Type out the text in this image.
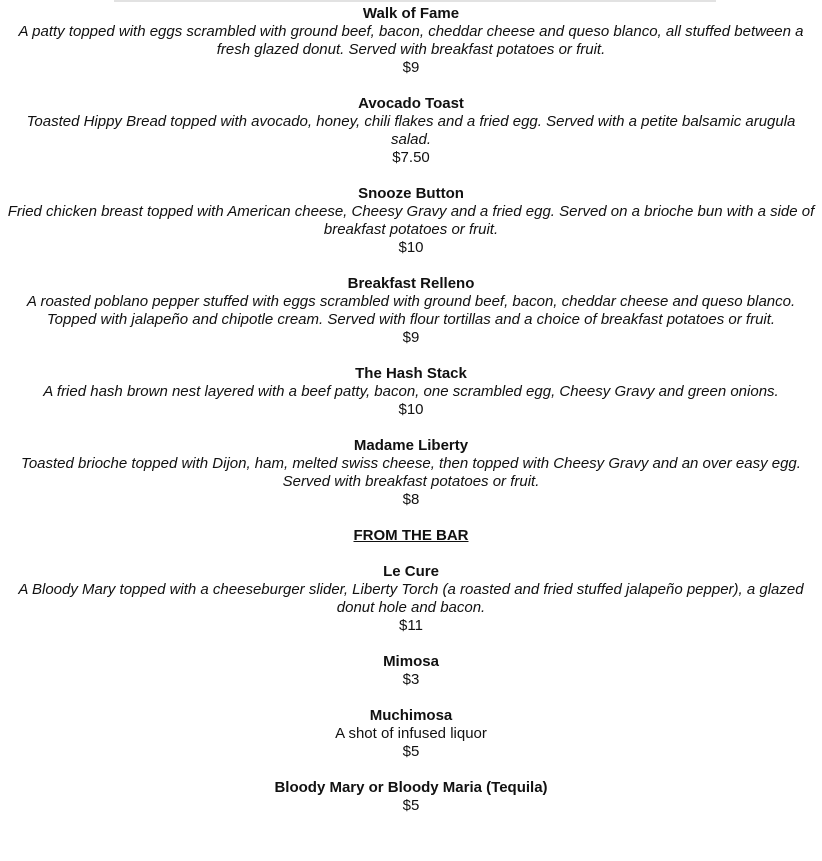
Walk of Fame
A patty topped with eggs scrambled with ground beef, bacon, cheddar cheese and queso blanco, all stuffed between a fresh glazed donut. Served with breakfast potatoes or fruit.
$9
Avocado Toast
Toasted Hippy Bread topped with avocado, honey, chili flakes and a fried egg. Served with a petite balsamic arugula salad.
$7.50
Snooze Button
Fried chicken breast topped with American cheese, Cheesy Gravy and a fried egg. Served on a brioche bun with a side of breakfast potatoes or fruit.
$10
Breakfast Relleno
A roasted poblano pepper stuffed with eggs scrambled with ground beef, bacon, cheddar cheese and queso blanco. Topped with jalapeño and chipotle cream. Served with flour tortillas and a choice of breakfast potatoes or fruit.
$9
The Hash Stack
A fried hash brown nest layered with a beef patty, bacon, one scrambled egg, Cheesy Gravy and green onions.
$10
Madame Liberty
Toasted brioche topped with Dijon, ham, melted swiss cheese, then topped with Cheesy Gravy and an over easy egg. Served with breakfast potatoes or fruit.
$8
FROM THE BAR
Le Cure
A Bloody Mary topped with a cheeseburger slider, Liberty Torch (a roasted and fried stuffed jalapeño pepper), a glazed donut hole and bacon.
$11
Mimosa
$3
Muchimosa
A shot of infused liquor
$5
Bloody Mary or Bloody Maria (Tequila)
$5
